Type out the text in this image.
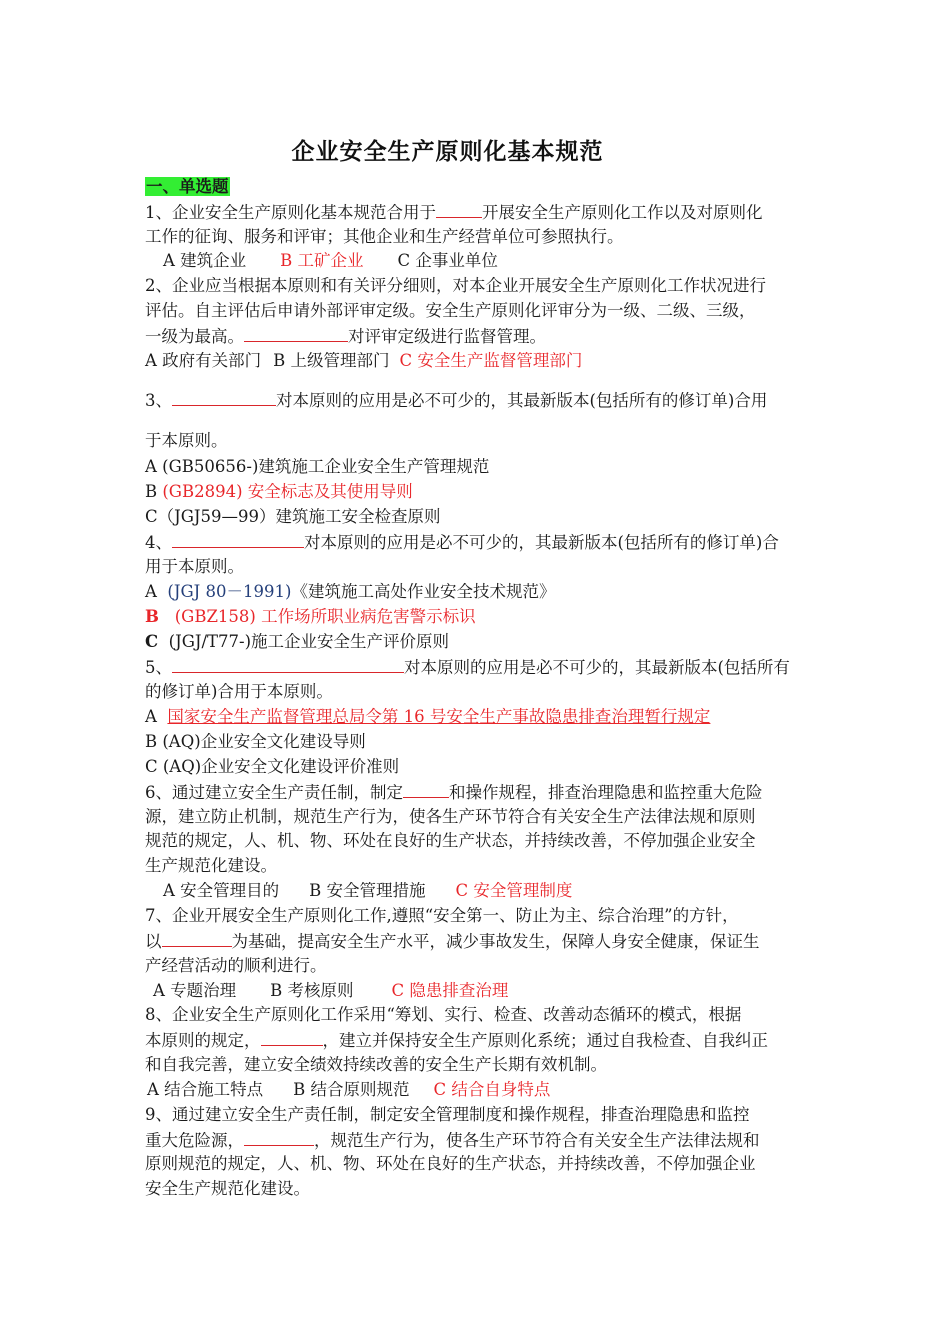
企业安全生产原则化基本规范
一、单选题
1、企业安全生产原则化基本规范合用于	开展安全生产原则化工作以及对原则化
工作的征询、服务和评审；其他企业和生产经营单位可参照执行。
A 建筑企业 B 工矿企业 C 企事业单位
2、企业应当根据本原则和有关评分细则，对本企业开展安全生产原则化工作状况进行
评估。自主评估后申请外部评审定级。安全生产原则化评审分为一级、二级、三级，
一级为最高。	对评审定级进行监督管理。
A 政府有关部门 B 上级管理部门 C 安全生产监督管理部门
3、	对本原则的应用是必不可少的，其最新版本(包括所有的修订单)合用
于本原则。
A (GB50656-)建筑施工企业安全生产管理规范
B (GB2894) 安全标志及其使用导则
C（JGJ59—99）建筑施工安全检查原则
4、	对本原则的应用是必不可少的，其最新版本(包括所有的修订单)合
用于本原则。
A (JGJ 80－1991)《建筑施工高处作业安全技术规范》
B (GBZ158) 工作场所职业病危害警示标识
C (JGJ/T77-)施工企业安全生产评价原则
5、	对本原则的应用是必不可少的，其最新版本(包括所有
的修订单)合用于本原则。
A 国家安全生产监督管理总局令第 16 号安全生产事故隐患排查治理暂行规定
B (AQ)企业安全文化建设导则
C (AQ)企业安全文化建设评价准则
6、通过建立安全生产责任制，制定	和操作规程，排查治理隐患和监控重大危险
源，建立防止机制，规范生产行为，使各生产环节符合有关安全生产法律法规和原则
规范的规定，人、机、物、环处在良好的生产状态，并持续改善，不停加强企业安全
生产规范化建设。
A 安全管理目的 B 安全管理措施 C 安全管理制度
7、企业开展安全生产原则化工作,遵照“安全第一、防止为主、综合治理”的方针，
以	为基础，提高安全生产水平，减少事故发生，保障人身安全健康，保证生
产经营活动的顺利进行。
A 专题治理 B 考核原则 C 隐患排查治理
8、企业安全生产原则化工作采用“筹划、实行、检查、改善动态循环的模式，根据
本原则的规定，	，建立并保持安全生产原则化系统；通过自我检查、自我纠正
和自我完善，建立安全绩效持续改善的安全生产长期有效机制。
A 结合施工特点 B 结合原则规范 C 结合自身特点
9、通过建立安全生产责任制，制定安全管理制度和操作规程，排查治理隐患和监控
重大危险源，	，规范生产行为，使各生产环节符合有关安全生产法律法规和
原则规范的规定，人、机、物、环处在良好的生产状态，并持续改善，不停加强企业
安全生产规范化建设。
